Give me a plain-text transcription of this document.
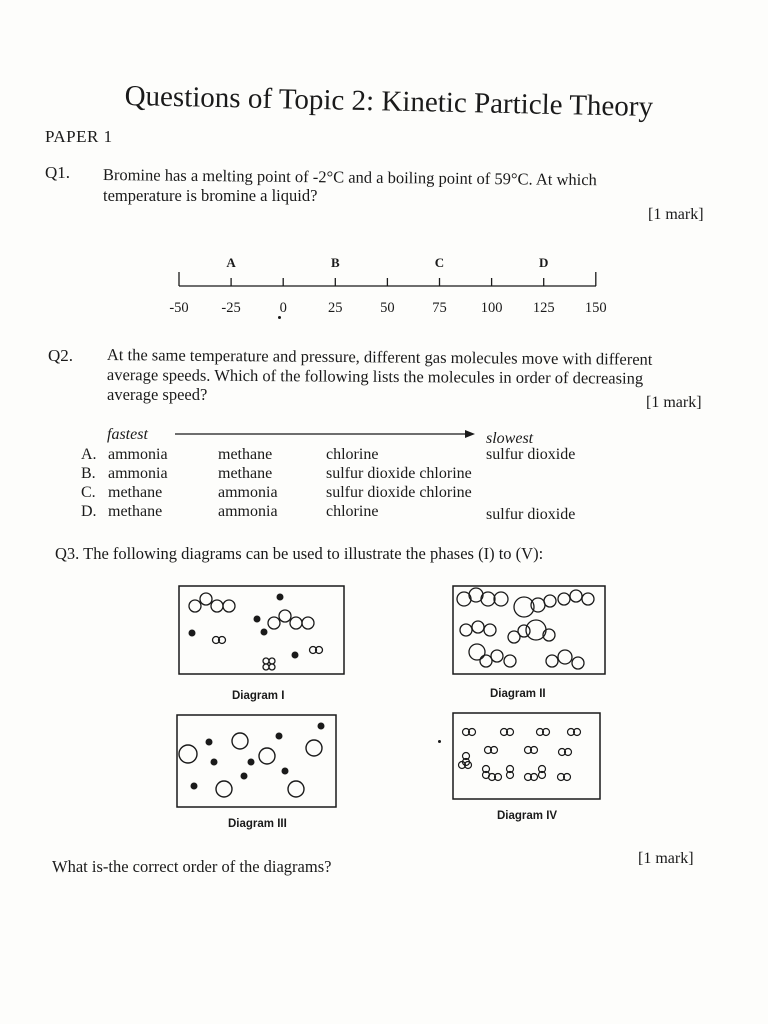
Questions of Topic 2: Kinetic Particle Theory
PAPER 1
Q1. Bromine has a melting point of -2°C and a boiling point of 59°C. At which
temperature is bromine a liquid?
[1 mark]
-50 -25	0	25	50	75 100 125 150
A	B	C	D
Q2. At the same temperature and pressure, different gas molecules move with different
average speeds. Which of the following lists the molecules in order of decreasing
average speed?	[1 mark]
fastest	slowest
A. ammonia	methane	chlorine	sulfur dioxide
B. ammonia	methane	sulfur dioxide chlorine
C. methane	ammonia	sulfur dioxide chlorine
D. methane	ammonia	chlorine	sulfur dioxide
Q3. The following diagrams can be used to illustrate the phases (I) to (V):
Diagram I	Diagram II
Diagram III
Diagram IV
What is-the correct order of the diagrams?	[1 mark]
